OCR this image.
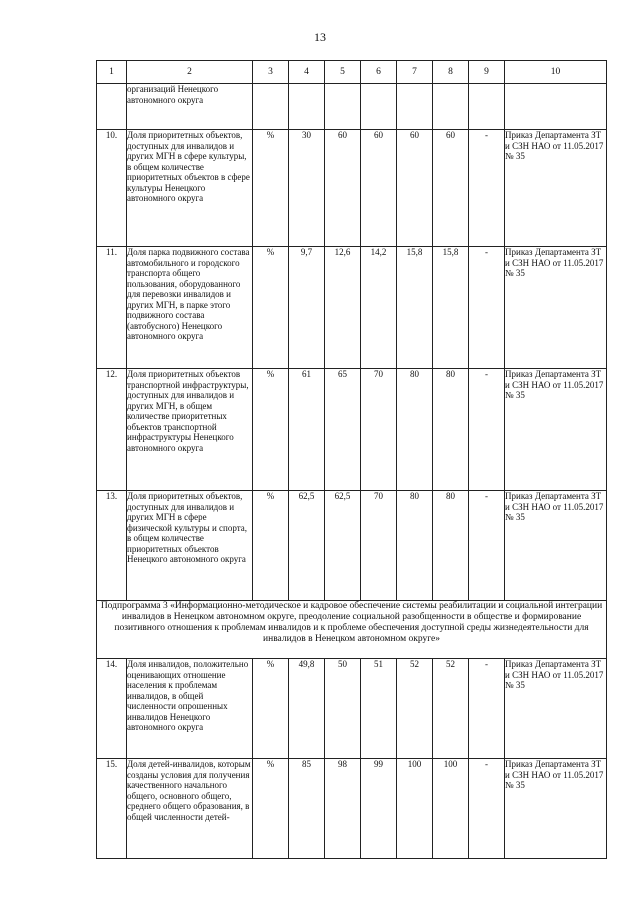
13
1	2	3	4	5	6	7	8	9	10
	организаций Ненецкого автономного округа								
10.	Доля приоритетных объектов, доступных для инвалидов и других МГН в сфере культуры, в общем количестве приоритетных объектов в сфере культуры Ненецкого автономного округа	%	30	60	60	60	60	-	Приказ Департамента ЗТ и СЗН НАО от 11.05.2017 № 35
11.	Доля парка подвижного состава автомобильного и городского транспорта общего пользования, оборудованного для перевозки инвалидов и других МГН, в парке этого подвижного состава (автобусного) Ненецкого автономного округа	%	9,7	12,6	14,2	15,8	15,8	-	Приказ Департамента ЗТ и СЗН НАО от 11.05.2017 № 35
12.	Доля приоритетных объектов транспортной инфраструктуры, доступных для инвалидов и других МГН, в общем количестве приоритетных объектов транспортной инфраструктуры Ненецкого автономного округа	%	61	65	70	80	80	-	Приказ Департамента ЗТ и СЗН НАО от 11.05.2017 № 35
13.	Доля приоритетных объектов, доступных для инвалидов и других МГН в сфере физической культуры и спорта, в общем количестве приоритетных объектов Ненецкого автономного округа	%	62,5	62,5	70	80	80	-	Приказ Департамента ЗТ и СЗН НАО от 11.05.2017 № 35
Подпрограмма 3 «Информационно-методическое и кадровое обеспечение системы реабилитации и социальной интеграции инвалидов в Ненецком автономном округе, преодоление социальной разобщенности в обществе и формирование позитивного отношения к проблемам инвалидов и к проблеме обеспечения доступной среды жизнедеятельности для инвалидов в Ненецком автономном округе»									
14.	Доля инвалидов, положительно оценивающих отношение населения к проблемам инвалидов, в общей численности опрошенных инвалидов Ненецкого автономного округа	%	49,8	50	51	52	52	-	Приказ Департамента ЗТ и СЗН НАО от 11.05.2017 № 35
15.	Доля детей-инвалидов, которым созданы условия для получения качественного начального общего, основного общего, среднего общего образования, в общей численности детей-	%	85	98	99	100	100	-	Приказ Департамента ЗТ и СЗН НАО от 11.05.2017 № 35
